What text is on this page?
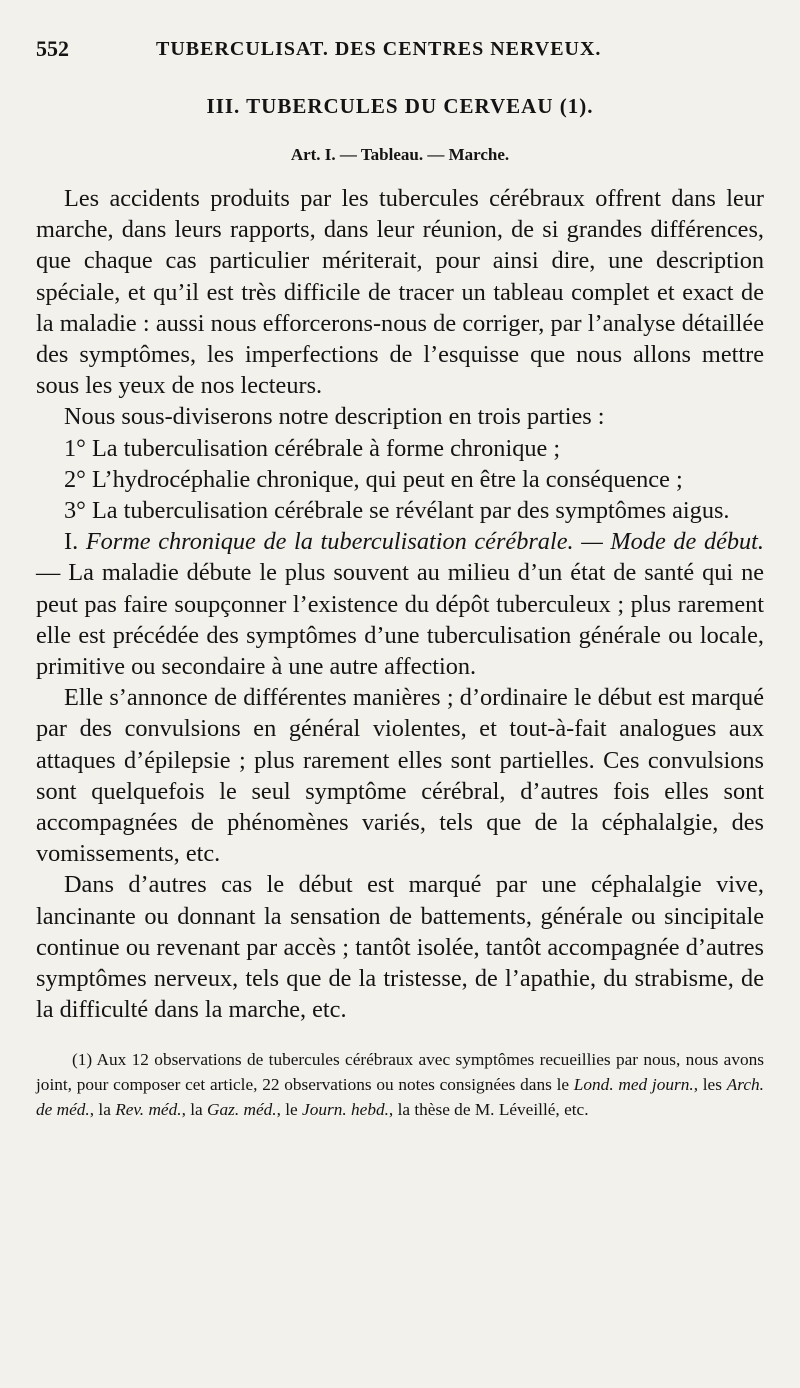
552	TUBERCULISAT. DES CENTRES NERVEUX.
III. TUBERCULES DU CERVEAU (1).
Art. I. — Tableau. — Marche.

Les accidents produits par les tubercules cérébraux offrent dans leur marche, dans leurs rapports, dans leur réunion, de si grandes différences, que chaque cas particulier mériterait, pour ainsi dire, une description spéciale, et qu’il est très difficile de tracer un tableau complet et exact de la maladie : aussi nous efforcerons-nous de corriger, par l’analyse détaillée des symptômes, les imperfections de l’esquisse que nous allons mettre sous les yeux de nos lecteurs.

Nous sous-diviserons notre description en trois parties :

1° La tuberculisation cérébrale à forme chronique ;

2° L’hydrocéphalie chronique, qui peut en être la conséquence ;

3° La tuberculisation cérébrale se révélant par des symptômes aigus.

I. Forme chronique de la tuberculisation cérébrale. — Mode de début. — La maladie débute le plus souvent au milieu d’un état de santé qui ne peut pas faire soupçonner l’existence du dépôt tuberculeux ; plus rarement elle est précédée des symptômes d’une tuberculisation générale ou locale, primitive ou secondaire à une autre affection.

Elle s’annonce de différentes manières ; d’ordinaire le début est marqué par des convulsions en général violentes, et tout-à-fait analogues aux attaques d’épilepsie ; plus rarement elles sont partielles. Ces convulsions sont quelquefois le seul symptôme cérébral, d’autres fois elles sont accompagnées de phénomènes variés, tels que de la céphalalgie, des vomissements, etc.

Dans d’autres cas le début est marqué par une céphalalgie vive, lancinante ou donnant la sensation de battements, générale ou sincipitale continue ou revenant par accès ; tantôt isolée, tantôt accompagnée d’autres symptômes nerveux, tels que de la tristesse, de l’apathie, du strabisme, de la difficulté dans la marche, etc.

(1) Aux 12 observations de tubercules cérébraux avec symptômes recueillies par nous, nous avons joint, pour composer cet article, 22 observations ou notes consignées dans le Lond. med journ., les Arch. de méd., la Rev. méd., la Gaz. méd., le Journ. hebd., la thèse de M. Léveillé, etc.
